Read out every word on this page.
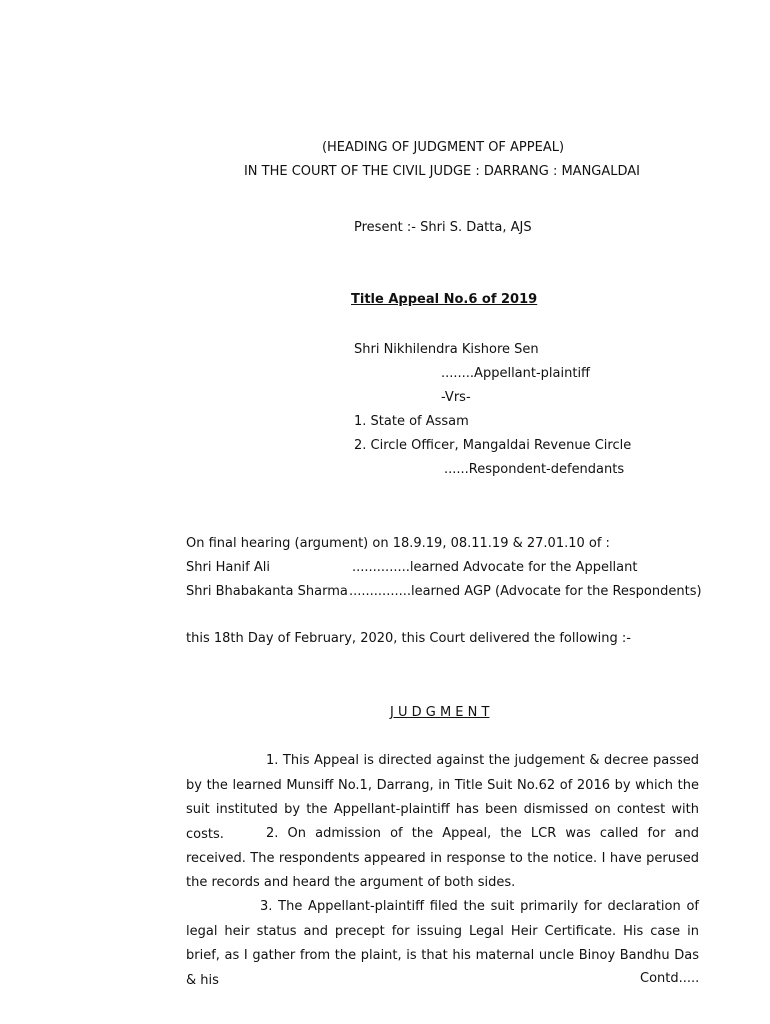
(HEADING OF JUDGMENT OF APPEAL)
IN THE COURT OF THE CIVIL JUDGE : DARRANG : MANGALDAI
Present :- Shri S. Datta, AJS
Title Appeal No.6 of 2019
Shri Nikhilendra Kishore Sen
........Appellant-plaintiff
-Vrs-
1. State of Assam
2. Circle Officer, Mangaldai Revenue Circle
......Respondent-defendants
On final hearing (argument) on 18.9.19, 08.11.19 & 27.01.10 of :
Shri Hanif Ali	..............learned Advocate for the Appellant
Shri Bhabakanta Sharma ...............learned AGP (Advocate for the Respondents)
this 18th Day of February, 2020, this Court delivered the following :-
J U D G M E N T
1. This Appeal is directed against the judgement & decree passed by the learned Munsiff No.1, Darrang, in Title Suit No.62 of 2016 by which the suit instituted by the Appellant-plaintiff has been dismissed on contest with costs.	2. On admission of the Appeal, the LCR was called for and received. The respondents appeared in response to the notice. I have perused the records and heard the argument of both sides.
3. The Appellant-plaintiff filed the suit primarily for declaration of legal heir status and precept for issuing Legal Heir Certificate. His case in brief, as I gather from the plaint, is that his maternal uncle Binoy Bandhu Das & his	Contd.....
